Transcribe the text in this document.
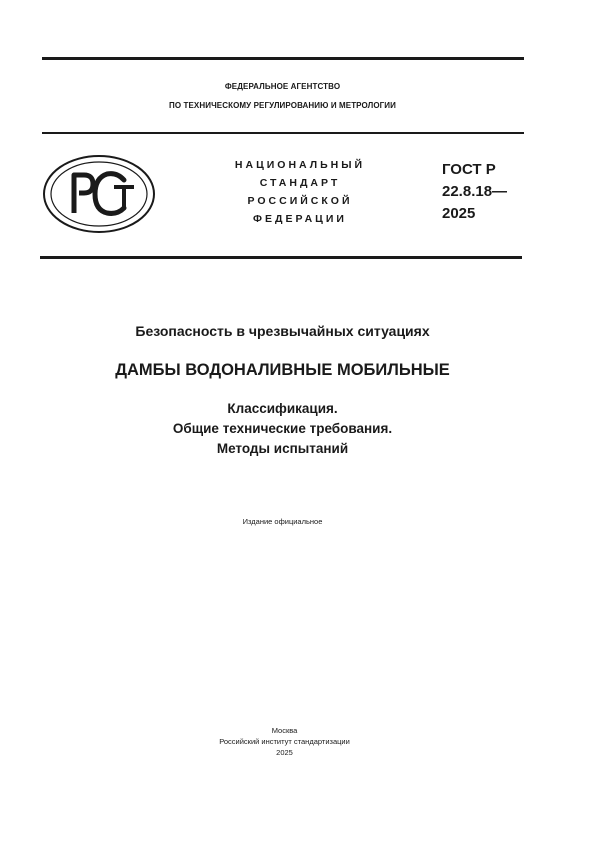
ФЕДЕРАЛЬНОЕ АГЕНТСТВО
ПО ТЕХНИЧЕСКОМУ РЕГУЛИРОВАНИЮ И МЕТРОЛОГИИ
НАЦИОНАЛЬНЫЙ
СТАНДАРТ
РОССИЙСКОЙ
ФЕДЕРАЦИИ
ГОСТ Р
22.8.18—
2025
Безопасность в чрезвычайных ситуациях
ДАМБЫ ВОДОНАЛИВНЫЕ МОБИЛЬНЫЕ
Классификация.
Общие технические требования.
Методы испытаний
Издание официальное
Москва
Российский институт стандартизации
2025
